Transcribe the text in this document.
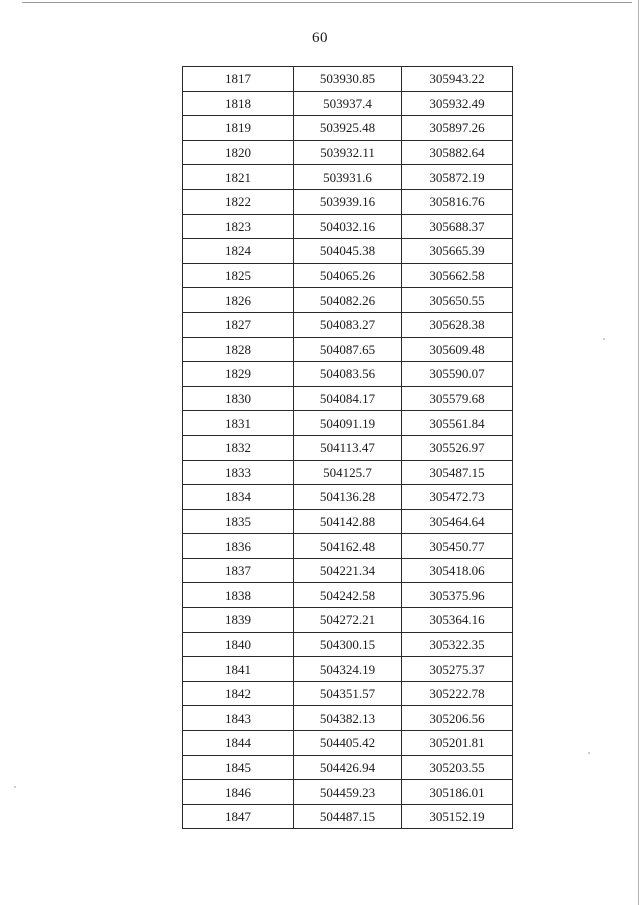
60
1817	503930.85	305943.22
1818	503937.4	305932.49
1819	503925.48	305897.26
1820	503932.11	305882.64
1821	503931.6	305872.19
1822	503939.16	305816.76
1823	504032.16	305688.37
1824	504045.38	305665.39
1825	504065.26	305662.58
1826	504082.26	305650.55
1827	504083.27	305628.38
1828	504087.65	305609.48
1829	504083.56	305590.07
1830	504084.17	305579.68
1831	504091.19	305561.84
1832	504113.47	305526.97
1833	504125.7	305487.15
1834	504136.28	305472.73
1835	504142.88	305464.64
1836	504162.48	305450.77
1837	504221.34	305418.06
1838	504242.58	305375.96
1839	504272.21	305364.16
1840	504300.15	305322.35
1841	504324.19	305275.37
1842	504351.57	305222.78
1843	504382.13	305206.56
1844	504405.42	305201.81
1845	504426.94	305203.55
1846	504459.23	305186.01
1847	504487.15	305152.19
